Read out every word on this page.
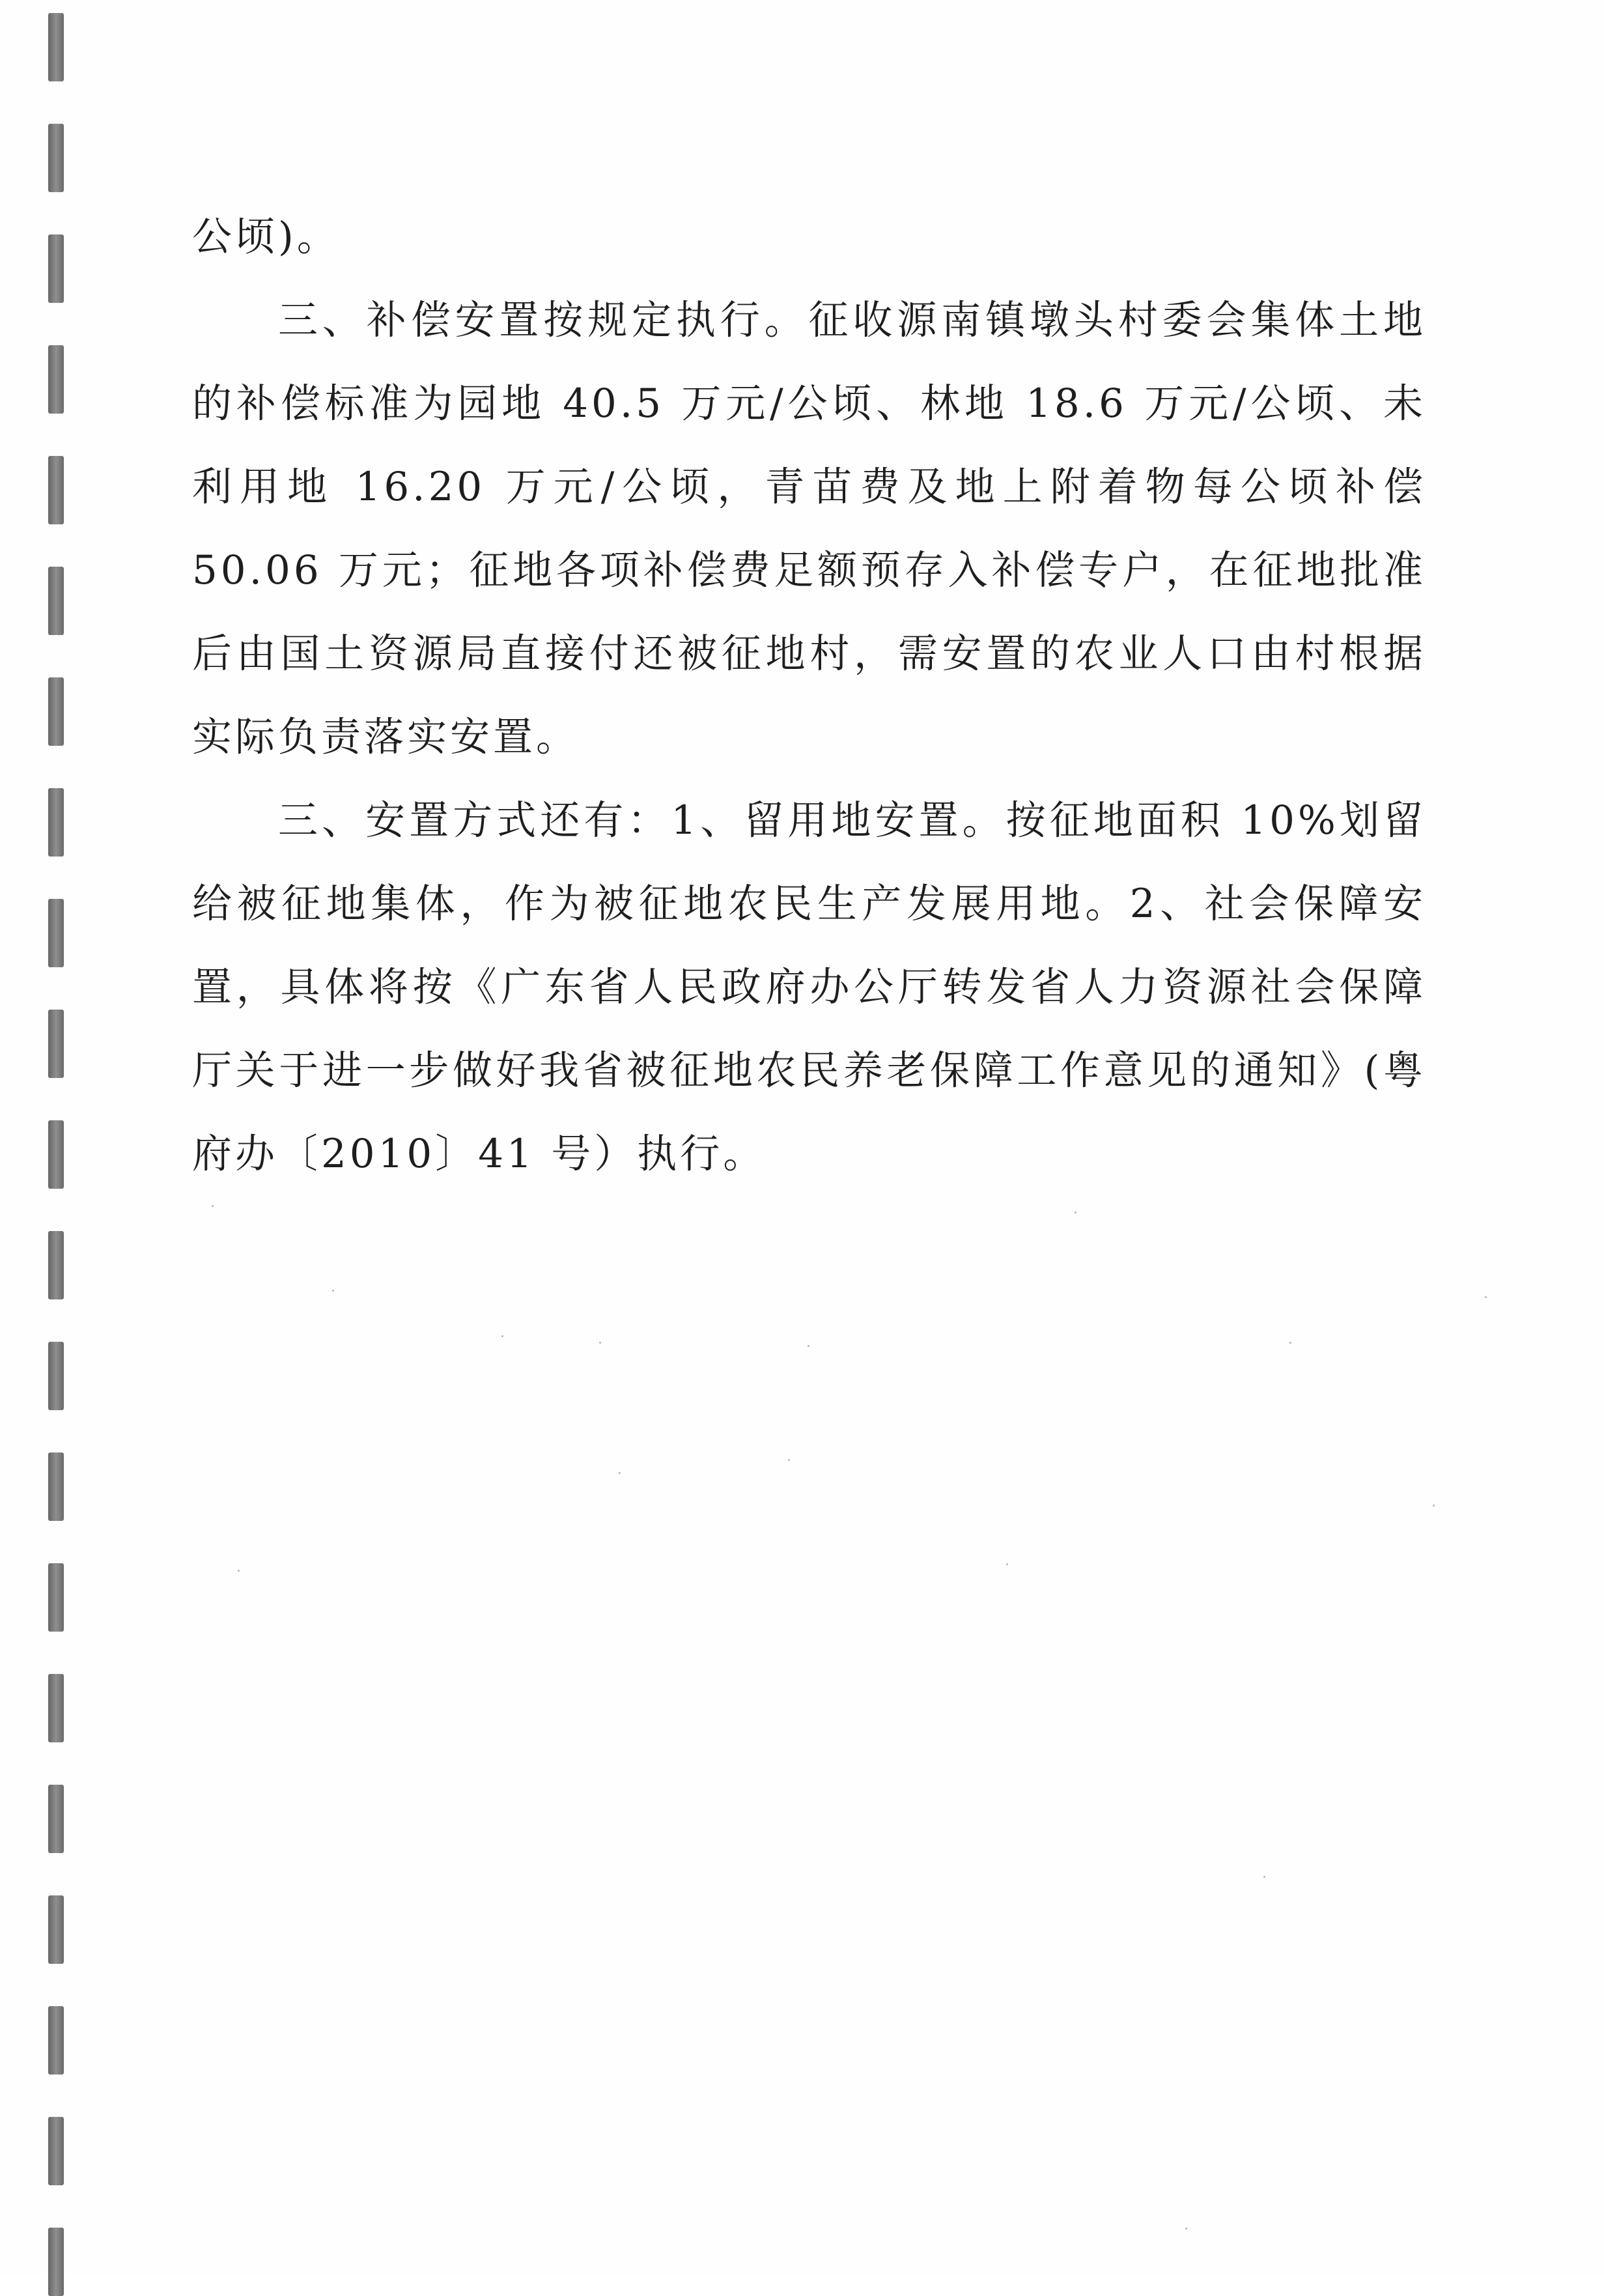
公顷)。

三、补偿安置按规定执行。征收源南镇墩头村委会集体土地的补偿标准为园地 40.5 万元/公顷、林地 18.6 万元/公顷、未利用地 16.20 万元/公顷，青苗费及地上附着物每公顷补偿 50.06 万元；征地各项补偿费足额预存入补偿专户，在征地批准后由国土资源局直接付还被征地村，需安置的农业人口由村根据实际负责落实安置。

三、安置方式还有：1、留用地安置。按征地面积 10%划留给被征地集体，作为被征地农民生产发展用地。2、社会保障安置，具体将按《广东省人民政府办公厅转发省人力资源社会保障厅关于进一步做好我省被征地农民养老保障工作意见的通知》(粤府办〔2010〕41 号）执行。
